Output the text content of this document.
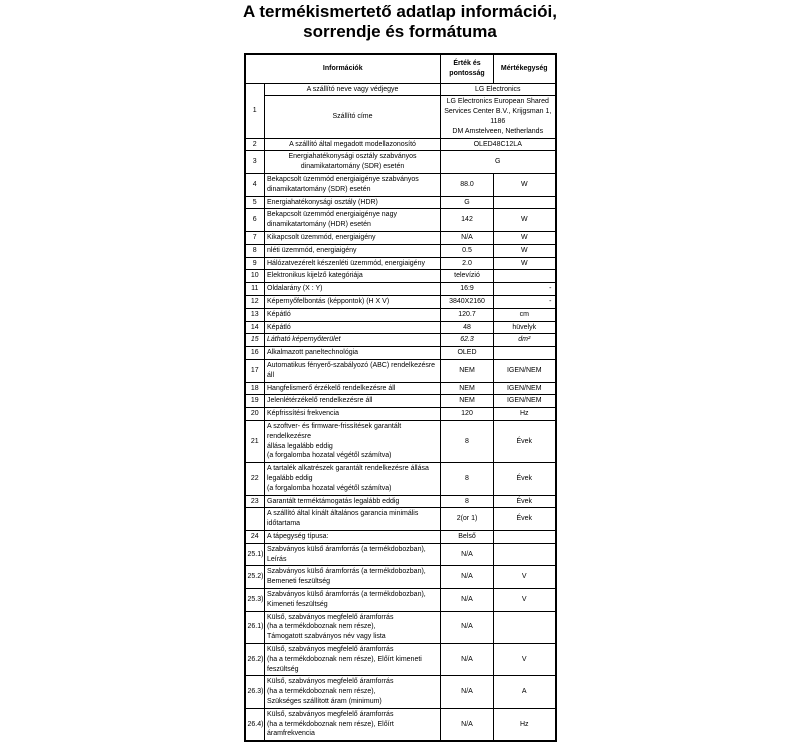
A termékismertető adatlap információi,
sorrendje és formátuma
Információk		Érték és pontosság	Mértékegység
1	A szállító neve vagy védjegye	LG Electronics	
	Szállító címe	LG Electronics European Shared
Services Center B.V., Krijgsman 1, 1186
DM Amstelveen, Netherlands	
2	A szállító által megadott modellazonosító	OLED48C12LA	
3	Energiahatékonysági osztály szabványos
dinamikatartomány (SDR) esetén	G	
4	Bekapcsolt üzemmód energiaigénye szabványos
dinamikatartomány (SDR) esetén	88.0	W
5	Energiahatékonysági osztály (HDR)	G	
6	Bekapcsolt üzemmód energiaigénye nagy
dinamikatartomány (HDR) esetén	142	W
7	Kikapcsolt üzemmód, energiaigény	N/A	W
8	nléti üzemmód, energiaigény	0.5	W
9	Hálózatvezérelt készenléti üzemmód, energiaigény	2.0	W
10	Elektronikus kijelző kategóriája	televízió	
11	Oldalarány (X : Y)	16:9	-
12	Képernyőfelbontás (képpontok) (H X V)	3840X2160	-
13	Képátló	120.7	cm
14	Képátló	48	hüvelyk
15	Látható képernyőterület	62.3	dm²
16	Alkalmazott paneltechnológia	OLED	
17	Automatikus fényerő-szabályozó (ABC) rendelkezésre áll	NEM	IGEN/NEM
18	Hangfelismerő érzékelő rendelkezésre áll	NEM	IGEN/NEM
19	Jelenlétérzékelő rendelkezésre áll	NEM	IGEN/NEM
20	Képfrissítési frekvencia	120	Hz
21	A szoftver- és firmware-frissítések garantált rendelkezésre
állása legalább eddig
(a forgalomba hozatal végétől számítva)	8	Évek
22	A tartalék alkatrészek garantált rendelkezésre állása
legalább eddig
(a forgalomba hozatal végétől számítva)	8	Évek
23	Garantált terméktámogatás legalább eddig	8	Évek
	A szállító által kínált általános garancia minimális időtartama	2(or 1)	Évek
24	A tápegység típusa:	Belső	
25.1)	Szabványos külső áramforrás (a termékdobozban), Leírás	N/A	
25.2)	Szabványos külső áramforrás (a termékdobozban),
Bemeneti feszültség	N/A	V
25.3)	Szabványos külső áramforrás (a termékdobozban),
Kimeneti feszültség	N/A	V
26.1)	Külső, szabványos megfelelő áramforrás
(ha a termékdoboznak nem része),
Támogatott szabványos név vagy lista	N/A	
26.2)	Külső, szabványos megfelelő áramforrás
(ha a termékdoboznak nem része), Előírt kimeneti feszültség	N/A	V
26.3)	Külső, szabványos megfelelő áramforrás
(ha a termékdoboznak nem része),
Szükséges szállított áram (minimum)	N/A	A
26.4)	Külső, szabványos megfelelő áramforrás
(ha a termékdoboznak nem része), Előírt áramfrekvencia	N/A	Hz
